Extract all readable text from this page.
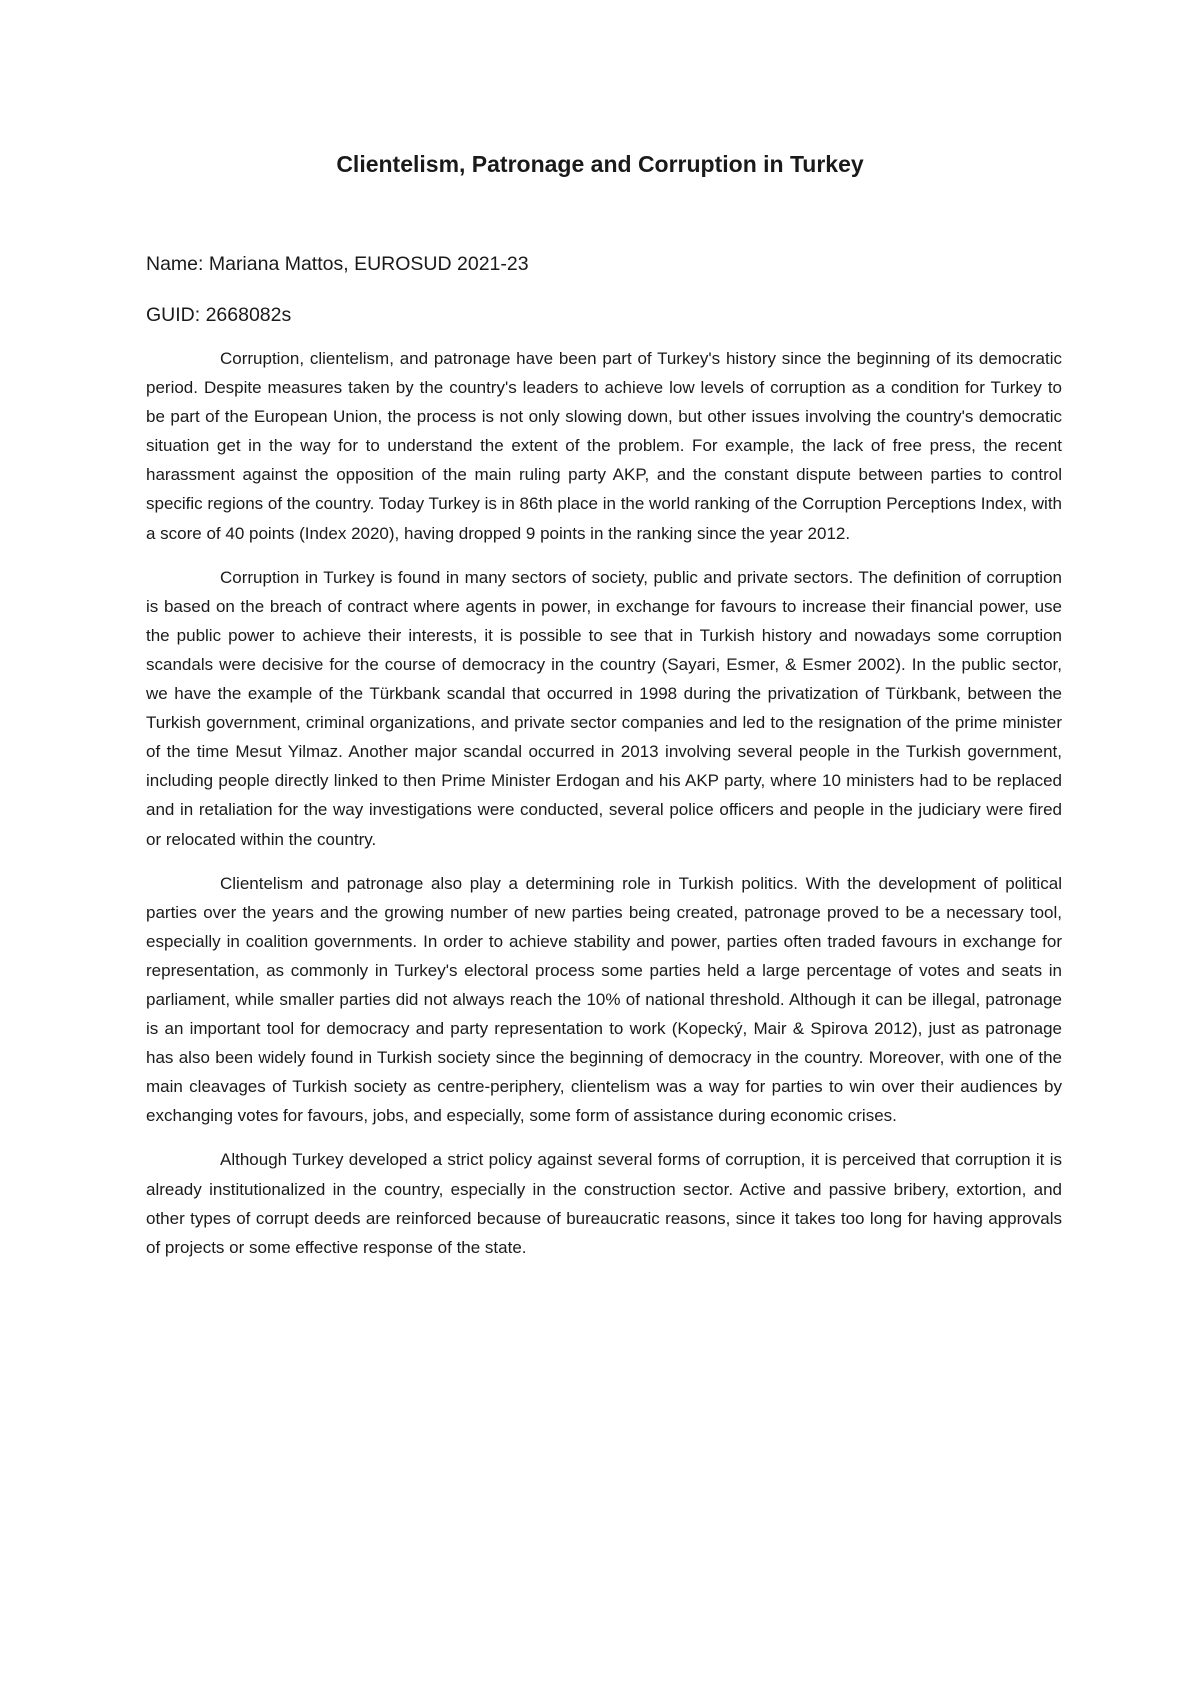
Clientelism, Patronage and Corruption in Turkey

Name: Mariana Mattos, EUROSUD 2021-23

GUID: 2668082s

Corruption, clientelism, and patronage have been part of Turkey's history since the beginning of its democratic period. Despite measures taken by the country's leaders to achieve low levels of corruption as a condition for Turkey to be part of the European Union, the process is not only slowing down, but other issues involving the country's democratic situation get in the way for to understand the extent of the problem. For example, the lack of free press, the recent harassment against the opposition of the main ruling party AKP, and the constant dispute between parties to control specific regions of the country. Today Turkey is in 86th place in the world ranking of the Corruption Perceptions Index, with a score of 40 points (Index 2020), having dropped 9 points in the ranking since the year 2012.

Corruption in Turkey is found in many sectors of society, public and private sectors. The definition of corruption is based on the breach of contract where agents in power, in exchange for favours to increase their financial power, use the public power to achieve their interests, it is possible to see that in Turkish history and nowadays some corruption scandals were decisive for the course of democracy in the country (Sayari, Esmer, & Esmer 2002). In the public sector, we have the example of the Türkbank scandal that occurred in 1998 during the privatization of Türkbank, between the Turkish government, criminal organizations, and private sector companies and led to the resignation of the prime minister of the time Mesut Yilmaz. Another major scandal occurred in 2013 involving several people in the Turkish government, including people directly linked to then Prime Minister Erdogan and his AKP party, where 10 ministers had to be replaced and in retaliation for the way investigations were conducted, several police officers and people in the judiciary were fired or relocated within the country.

Clientelism and patronage also play a determining role in Turkish politics. With the development of political parties over the years and the growing number of new parties being created, patronage proved to be a necessary tool, especially in coalition governments. In order to achieve stability and power, parties often traded favours in exchange for representation, as commonly in Turkey's electoral process some parties held a large percentage of votes and seats in parliament, while smaller parties did not always reach the 10% of national threshold. Although it can be illegal, patronage is an important tool for democracy and party representation to work (Kopecký, Mair & Spirova 2012), just as patronage has also been widely found in Turkish society since the beginning of democracy in the country. Moreover, with one of the main cleavages of Turkish society as centre-periphery, clientelism was a way for parties to win over their audiences by exchanging votes for favours, jobs, and especially, some form of assistance during economic crises.

Although Turkey developed a strict policy against several forms of corruption, it is perceived that corruption it is already institutionalized in the country, especially in the construction sector. Active and passive bribery, extortion, and other types of corrupt deeds are reinforced because of bureaucratic reasons, since it takes too long for having approvals of projects or some effective response of the state.
